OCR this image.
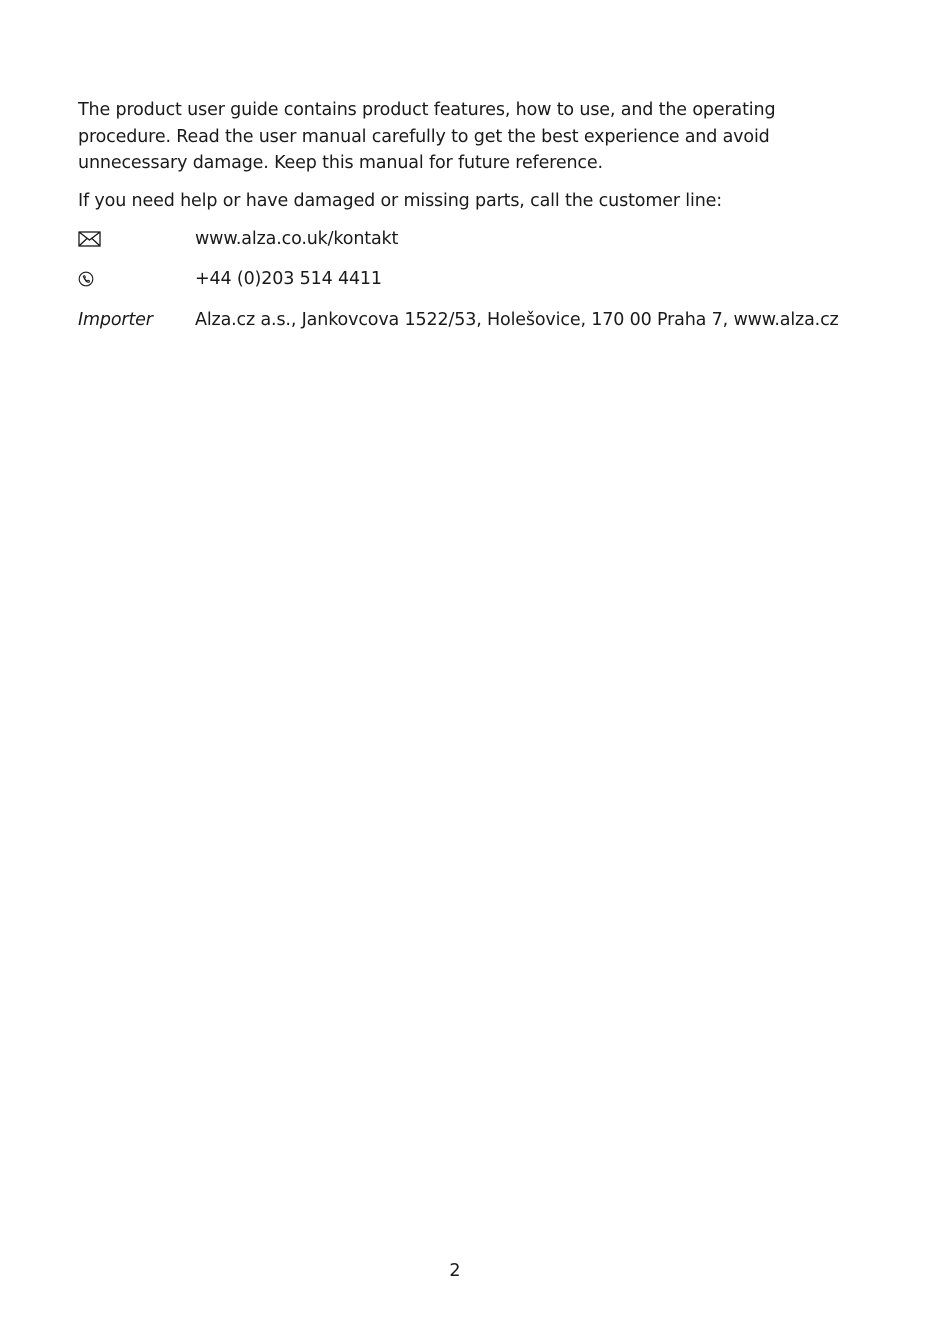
The product user guide contains product features, how to use, and the operating procedure. Read the user manual carefully to get the best experience and avoid unnecessary damage. Keep this manual for future reference.

If you need help or have damaged or missing parts, call the customer line:

www.alza.co.uk/kontakt
+44 (0)203 514 4411
Importer	Alza.cz a.s., Jankovcova 1522/53, Holešovice, 170 00 Praha 7, www.alza.cz
2
